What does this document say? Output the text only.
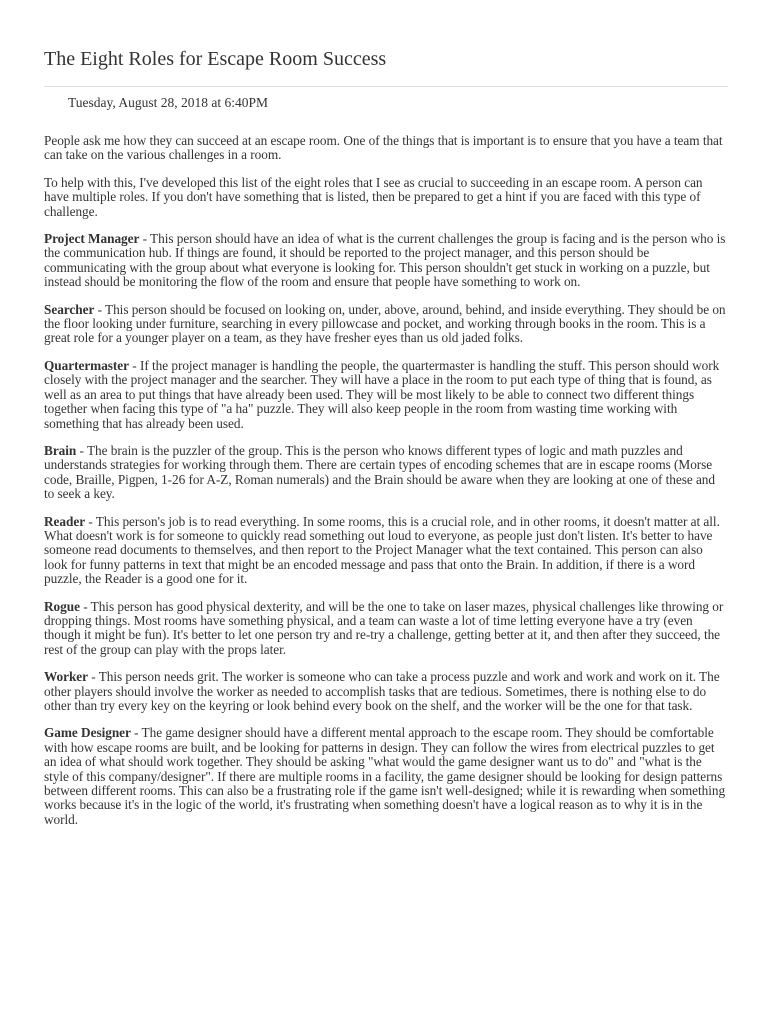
The Eight Roles for Escape Room Success
Tuesday, August 28, 2018 at 6:40PM

People ask me how they can succeed at an escape room. One of the things that is important is to ensure that you have a team that can take on the various challenges in a room.

To help with this, I've developed this list of the eight roles that I see as crucial to succeeding in an escape room. A person can have multiple roles. If you don't have something that is listed, then be prepared to get a hint if you are faced with this type of challenge.

Project Manager - This person should have an idea of what is the current challenges the group is facing and is the person who is the communication hub. If things are found, it should be reported to the project manager, and this person should be communicating with the group about what everyone is looking for. This person shouldn't get stuck in working on a puzzle, but instead should be monitoring the flow of the room and ensure that people have something to work on.

Searcher - This person should be focused on looking on, under, above, around, behind, and inside everything. They should be on the floor looking under furniture, searching in every pillowcase and pocket, and working through books in the room. This is a great role for a younger player on a team, as they have fresher eyes than us old jaded folks.

Quartermaster - If the project manager is handling the people, the quartermaster is handling the stuff. This person should work closely with the project manager and the searcher. They will have a place in the room to put each type of thing that is found, as well as an area to put things that have already been used. They will be most likely to be able to connect two different things together when facing this type of "a ha" puzzle. They will also keep people in the room from wasting time working with something that has already been used.

Brain - The brain is the puzzler of the group. This is the person who knows different types of logic and math puzzles and understands strategies for working through them. There are certain types of encoding schemes that are in escape rooms (Morse code, Braille, Pigpen, 1-26 for A-Z, Roman numerals) and the Brain should be aware when they are looking at one of these and to seek a key.

Reader - This person's job is to read everything. In some rooms, this is a crucial role, and in other rooms, it doesn't matter at all. What doesn't work is for someone to quickly read something out loud to everyone, as people just don't listen. It's better to have someone read documents to themselves, and then report to the Project Manager what the text contained. This person can also look for funny patterns in text that might be an encoded message and pass that onto the Brain. In addition, if there is a word puzzle, the Reader is a good one for it.

Rogue - This person has good physical dexterity, and will be the one to take on laser mazes, physical challenges like throwing or dropping things. Most rooms have something physical, and a team can waste a lot of time letting everyone have a try (even though it might be fun). It's better to let one person try and re-try a challenge, getting better at it, and then after they succeed, the rest of the group can play with the props later.

Worker - This person needs grit. The worker is someone who can take a process puzzle and work and work and work on it. The other players should involve the worker as needed to accomplish tasks that are tedious. Sometimes, there is nothing else to do other than try every key on the keyring or look behind every book on the shelf, and the worker will be the one for that task.

Game Designer - The game designer should have a different mental approach to the escape room. They should be comfortable with how escape rooms are built, and be looking for patterns in design. They can follow the wires from electrical puzzles to get an idea of what should work together. They should be asking "what would the game designer want us to do" and "what is the style of this company/designer". If there are multiple rooms in a facility, the game designer should be looking for design patterns between different rooms. This can also be a frustrating role if the game isn't well-designed; while it is rewarding when something works because it's in the logic of the world, it's frustrating when something doesn't have a logical reason as to why it is in the world.
